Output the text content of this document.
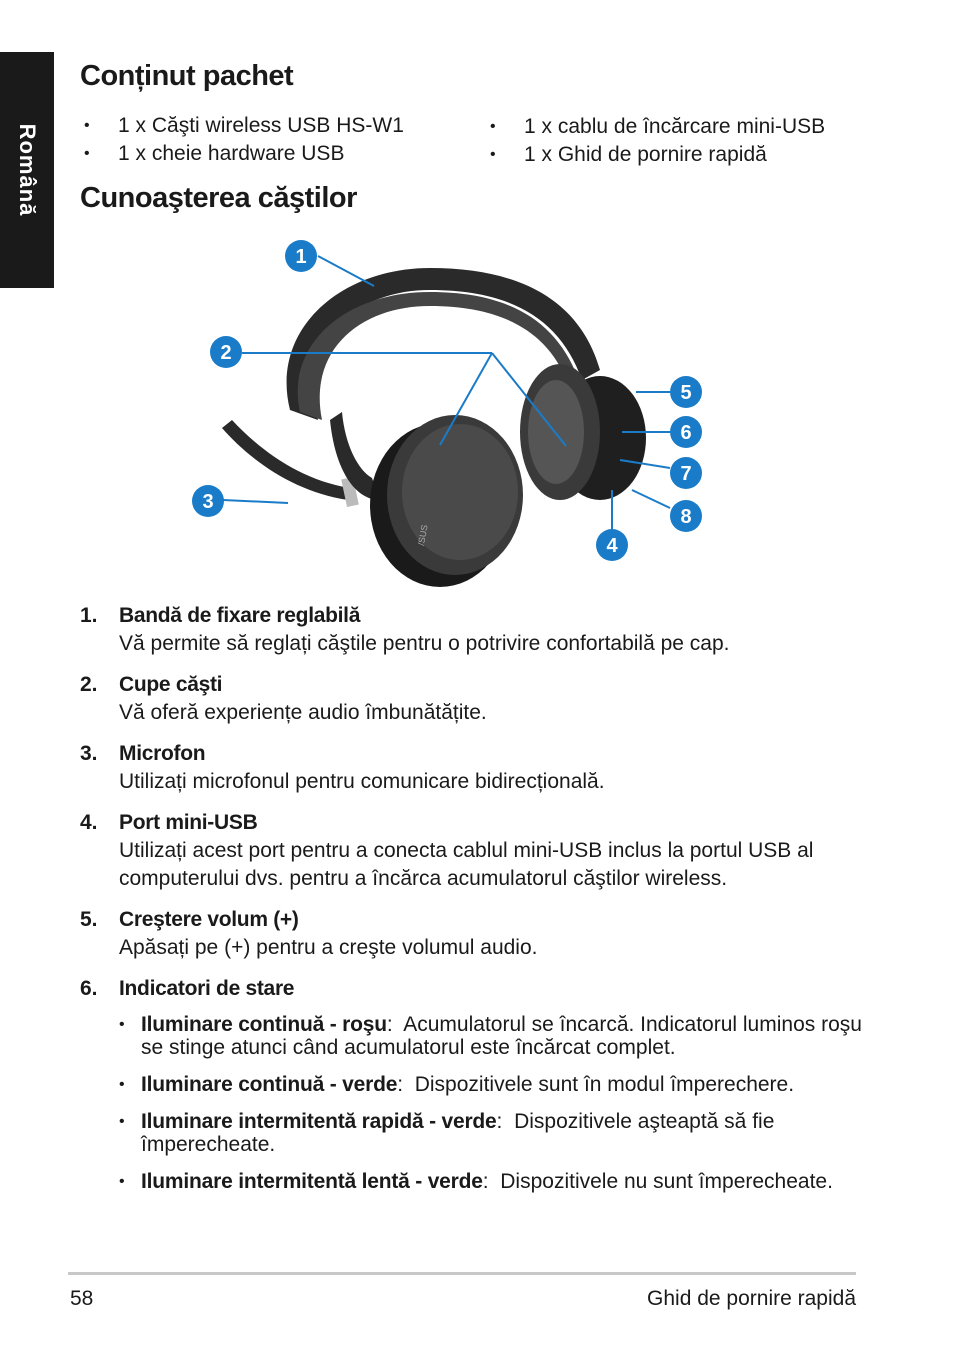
Română
Conținut pachet
• 1 x Căşti wireless USB HS-W1
• 1 x cheie hardware USB
• 1 x cablu de încărcare mini-USB
• 1 x Ghid de pornire rapidă
Cunoaşterea căştilor
/SUS
1
2
3
4
5
6
7
8
1. Bandă de fixare reglabilă
Vă permite să reglați căştile pentru o potrivire confortabilă pe cap.
2. Cupe căşti
Vă oferă experiențe audio îmbunătățite.
3. Microfon
Utilizați microfonul pentru comunicare bidirecțională.
4. Port mini-USB
Utilizați acest port pentru a conecta cablul mini-USB inclus la portul USB al computerului dvs. pentru a încărca acumulatorul căştilor wireless.
5. Creştere volum (+)
Apăsați pe (+) pentru a creşte volumul audio.
6. Indicatori de stare
• Iluminare continuă - roşu:  Acumulatorul se încarcă. Indicatorul luminos roşu se stinge atunci când acumulatorul este încărcat complet.
• Iluminare continuă - verde:  Dispozitivele sunt în modul împerechere.
• Iluminare intermitentă rapidă - verde:  Dispozitivele aşteaptă să fie împerecheate.
• Iluminare intermitentă lentă - verde:  Dispozitivele nu sunt împerecheate.
58	Ghid de pornire rapidă
